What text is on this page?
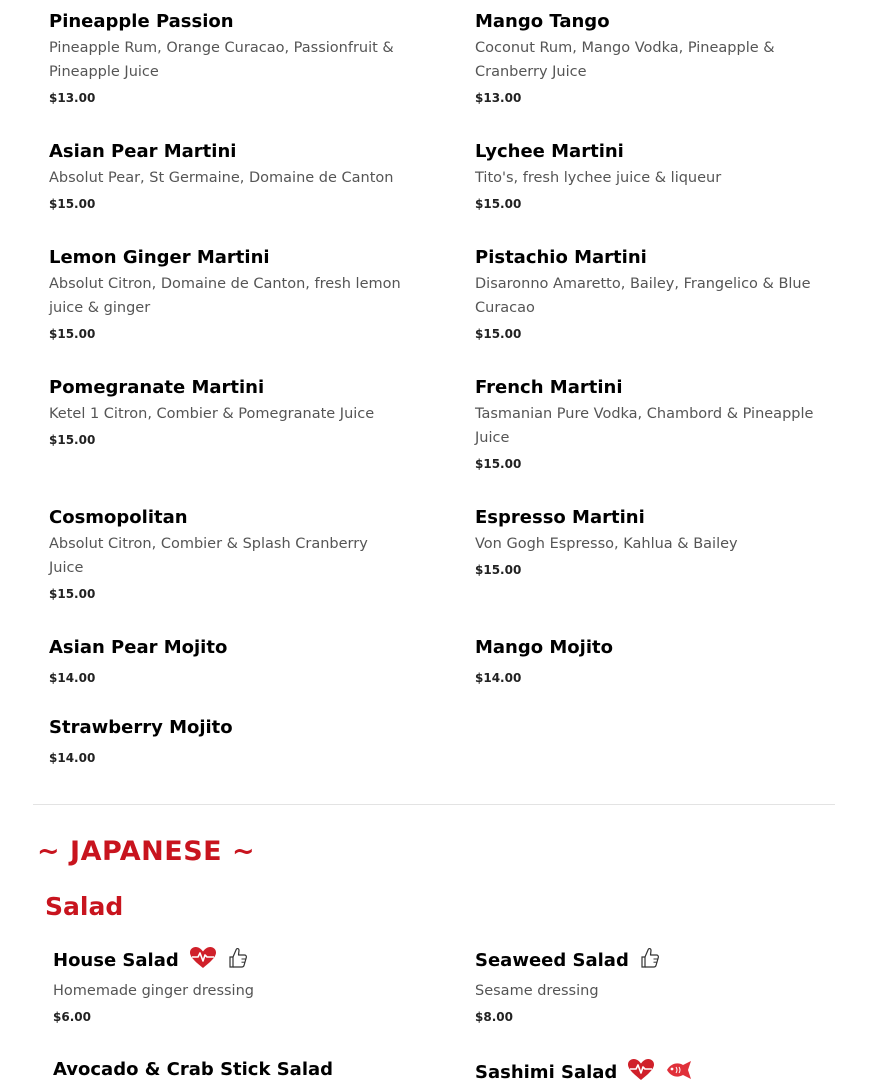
Pineapple Passion
Pineapple Rum, Orange Curacao, Passionfruit & Pineapple Juice
$13.00
Mango Tango
Coconut Rum, Mango Vodka, Pineapple & Cranberry Juice
$13.00
Asian Pear Martini
Absolut Pear, St Germaine, Domaine de Canton
$15.00
Lychee Martini
Tito's, fresh lychee juice & liqueur
$15.00
Lemon Ginger Martini
Absolut Citron, Domaine de Canton, fresh lemon juice & ginger
$15.00
Pistachio Martini
Disaronno Amaretto, Bailey, Frangelico & Blue Curacao
$15.00
Pomegranate Martini
Ketel 1 Citron, Combier & Pomegranate Juice
$15.00
French Martini
Tasmanian Pure Vodka, Chambord & Pineapple Juice
$15.00
Cosmopolitan
Absolut Citron, Combier & Splash Cranberry Juice
$15.00
Espresso Martini
Von Gogh Espresso, Kahlua & Bailey
$15.00
Asian Pear Mojito
$14.00
Mango Mojito
$14.00
Strawberry Mojito
$14.00
~ JAPANESE ~
Salad
House Salad
Homemade ginger dressing
$6.00
Seaweed Salad
Sesame dressing
$8.00
Avocado & Crab Stick Salad	Sashimi Salad
